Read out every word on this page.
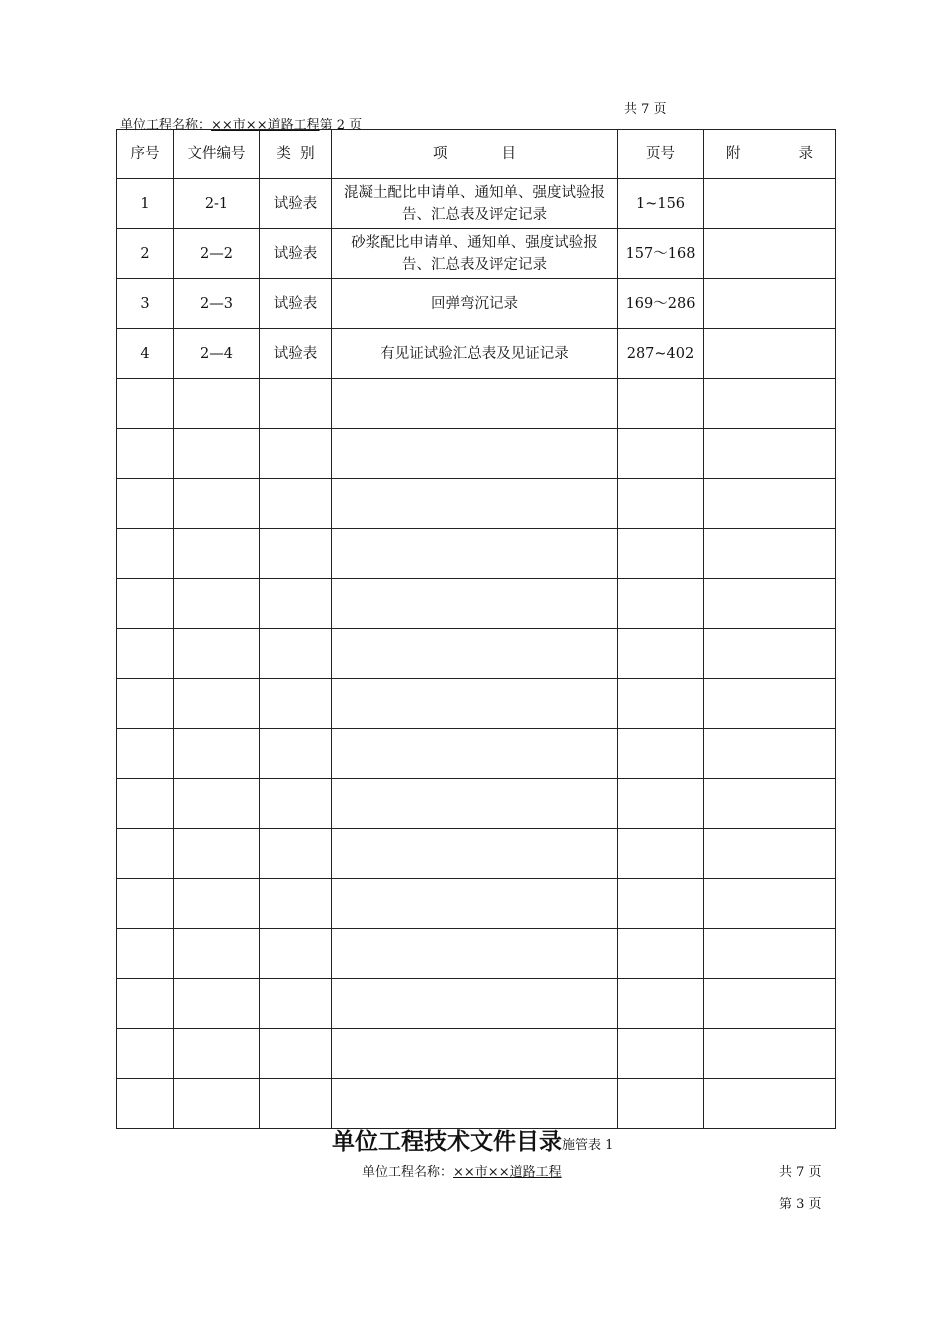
共 7 页
单位工程名称：××市××道路工程第 2 页
序号	文件编号	类  别	项 目	页号	附 录

1	2-1	试验表	混凝土配比申请单、通知单、强度试验报告、汇总表及评定记录	1~156	
2	2—2	试验表	砂浆配比申请单、通知单、强度试验报告、汇总表及评定记录	157～168	
3	2—3	试验表	回弹弯沉记录	169～286	
4	2—4	试验表	有见证试验汇总表及见证记录	287~402	

单位工程技术文件目录施管表 1
单位工程名称：××市××道路工程	共 7 页
第 3 页
